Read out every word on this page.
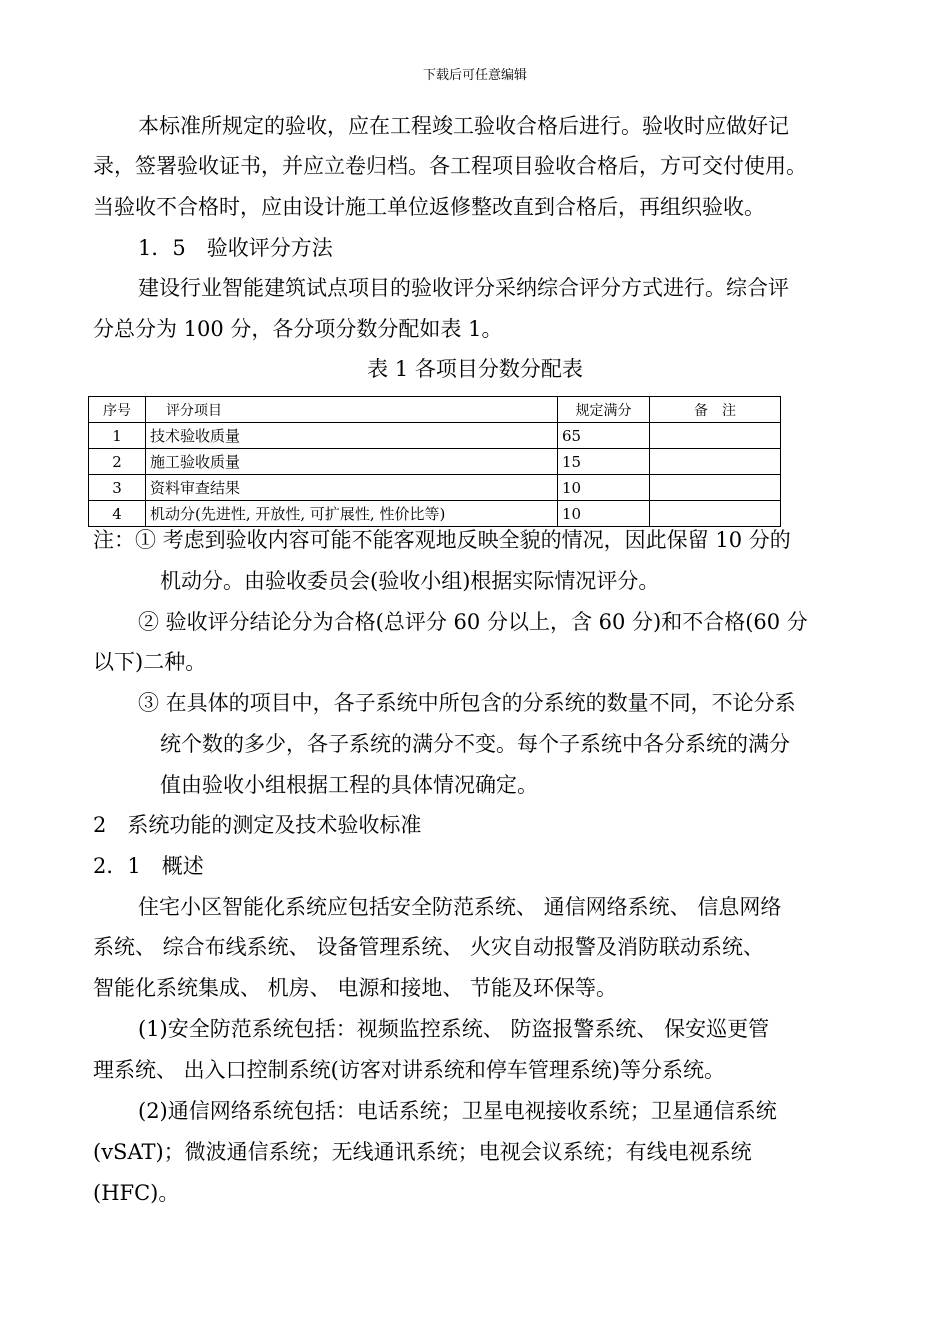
下载后可任意编辑
本标准所规定的验收，应在工程竣工验收合格后进行。验收时应做好记
录，签署验收证书，并应立卷归档。各工程项目验收合格后，方可交付使用。
当验收不合格时，应由设计施工单位返修整改直到合格后，再组织验收。
1．5　验收评分方法
建设行业智能建筑试点项目的验收评分采纳综合评分方式进行。综合评
分总分为 100 分，各分项分数分配如表 1。
表 1 各项目分数分配表
序号	评分项目	规定满分	备　注
1	技术验收质量	65	
2	施工验收质量	15	
3	资料审查结果	10	
4	机动分(先进性, 开放性, 可扩展性, 性价比等)	10	
注：① 考虑到验收内容可能不能客观地反映全貌的情况，因此保留 10 分的
机动分。由验收委员会(验收小组)根据实际情况评分。
② 验收评分结论分为合格(总评分 60 分以上，含 60 分)和不合格(60 分
以下)二种。
③ 在具体的项目中，各子系统中所包含的分系统的数量不同，不论分系
统个数的多少，各子系统的满分不变。每个子系统中各分系统的满分
值由验收小组根据工程的具体情况确定。
2　系统功能的测定及技术验收标准
2．1　概述
住宅小区智能化系统应包括安全防范系统、 通信网络系统、 信息网络
系统、 综合布线系统、 设备管理系统、 火灾自动报警及消防联动系统、
智能化系统集成、 机房、 电源和接地、 节能及环保等。
(1)安全防范系统包括：视频监控系统、 防盗报警系统、 保安巡更管
理系统、 出入口控制系统(访客对讲系统和停车管理系统)等分系统。
(2)通信网络系统包括：电话系统；卫星电视接收系统；卫星通信系统
(vSAT)；微波通信系统；无线通讯系统；电视会议系统；有线电视系统
(HFC)。
